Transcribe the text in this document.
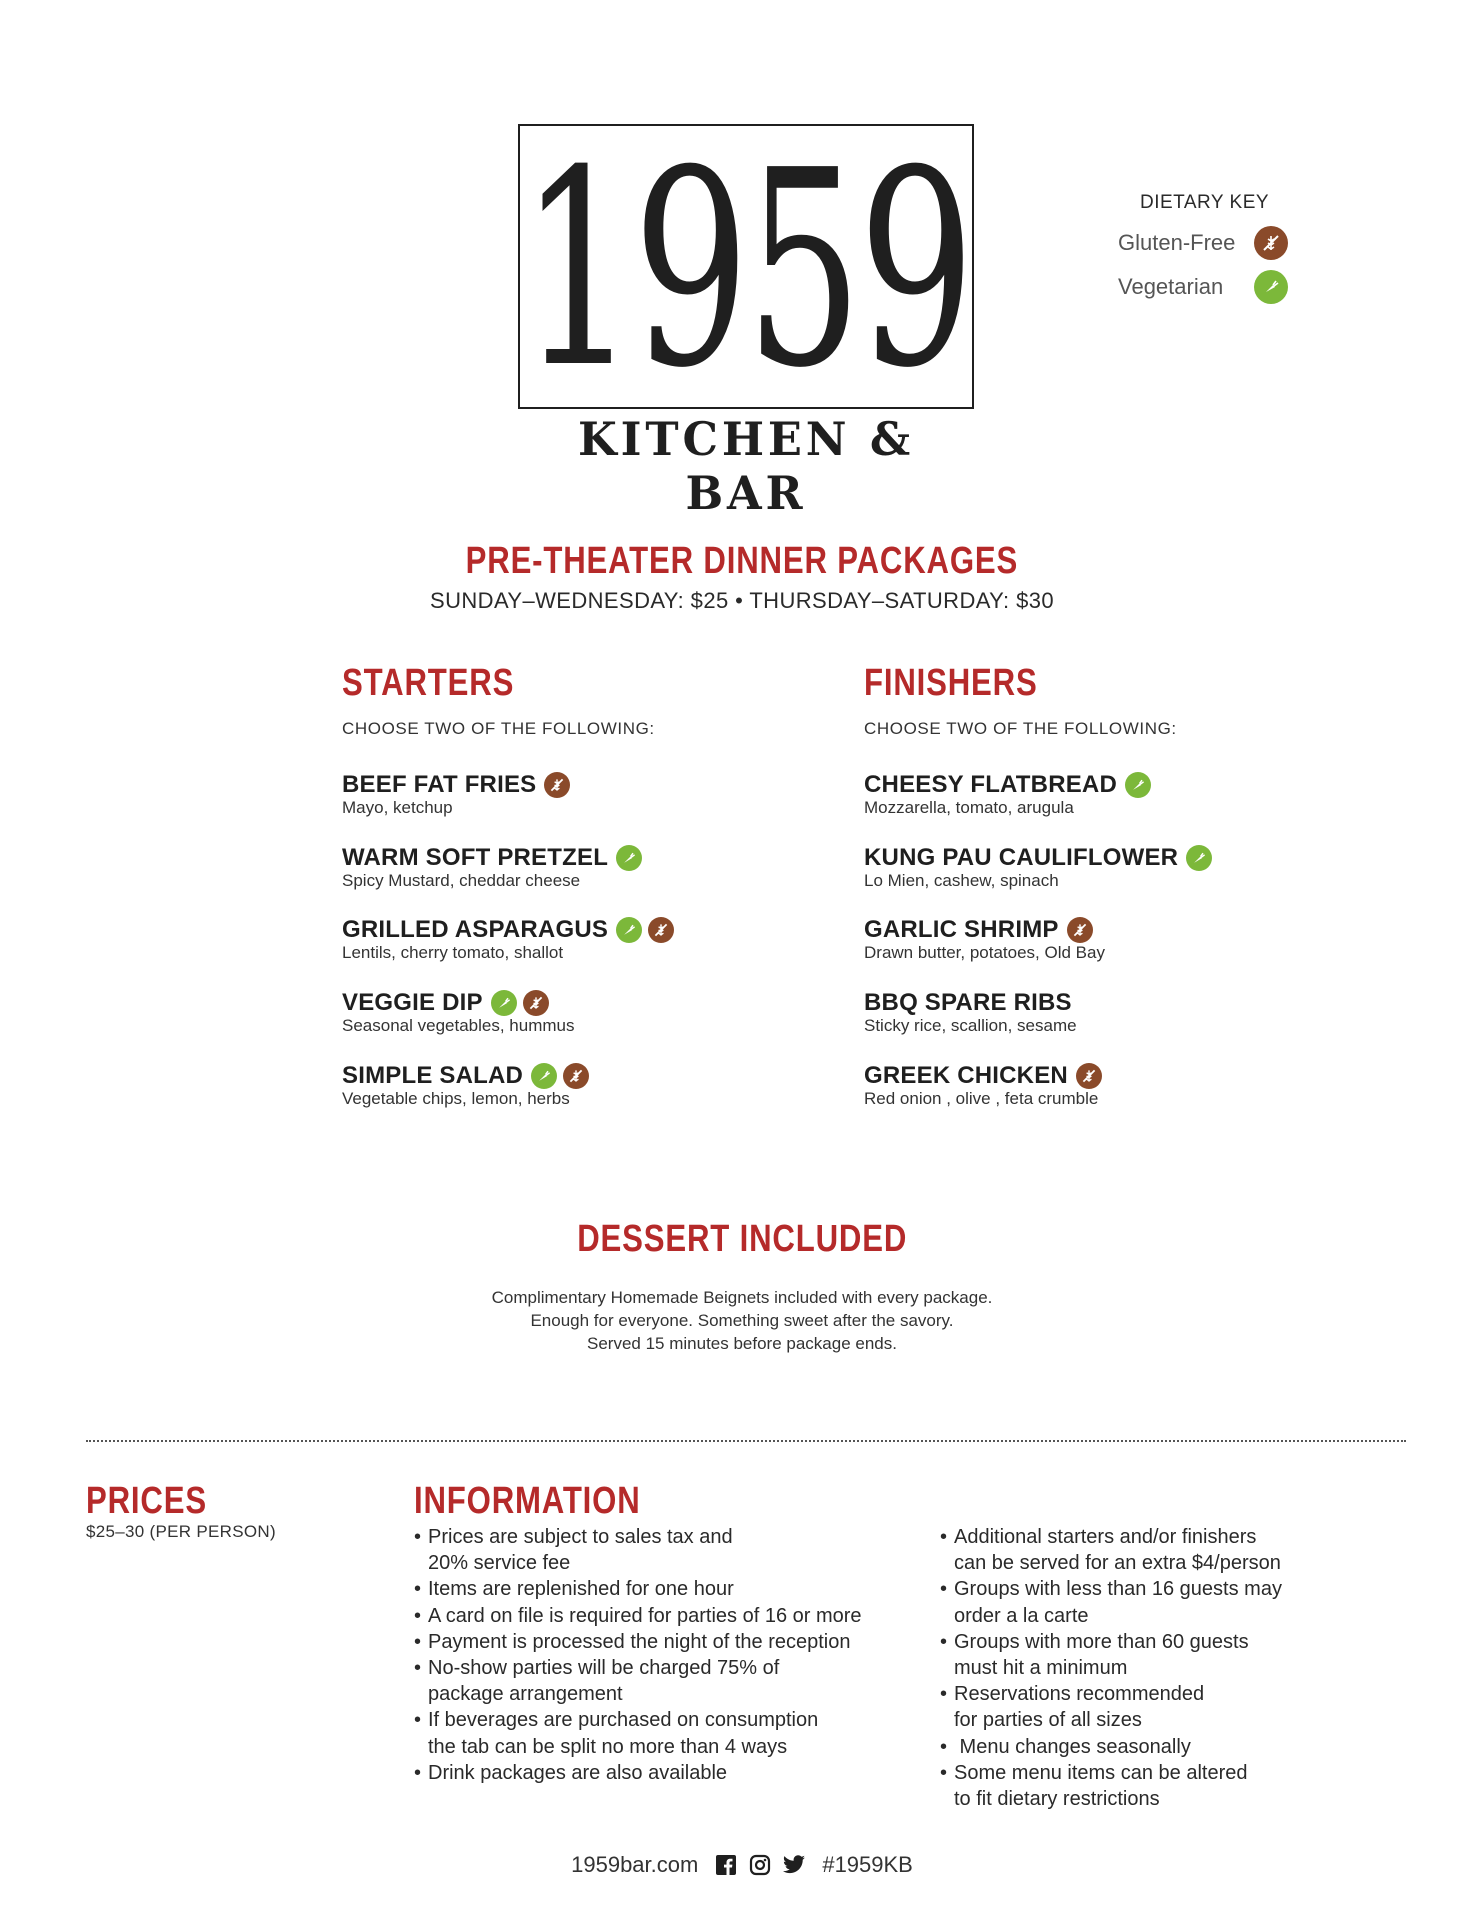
1959
KITCHEN & BAR
DIETARY KEY
Gluten-Free
Vegetarian
PRE-THEATER DINNER PACKAGES
SUNDAY–WEDNESDAY: $25 • THURSDAY–SATURDAY: $30
STARTERS
CHOOSE TWO OF THE FOLLOWING:
BEEF FAT FRIES
Mayo, ketchup
WARM SOFT PRETZEL
Spicy Mustard, cheddar cheese
GRILLED ASPARAGUS
Lentils, cherry tomato, shallot
VEGGIE DIP
Seasonal vegetables, hummus
SIMPLE SALAD
Vegetable chips, lemon, herbs
FINISHERS
CHOOSE TWO OF THE FOLLOWING:
CHEESY FLATBREAD
Mozzarella, tomato, arugula
KUNG PAU CAULIFLOWER
Lo Mien, cashew, spinach
GARLIC SHRIMP
Drawn butter, potatoes, Old Bay
BBQ SPARE RIBS
Sticky rice, scallion, sesame
GREEK CHICKEN
Red onion , olive , feta crumble
DESSERT INCLUDED
Complimentary Homemade Beignets included with every package.
Enough for everyone. Something sweet after the savory.
Served 15 minutes before package ends.
PRICES
$25–30 (PER PERSON)
INFORMATION
• Prices are subject to sales tax and
20% service fee
• Items are replenished for one hour
• A card on file is required for parties of 16 or more
• Payment is processed the night of the reception
• No-show parties will be charged 75% of
package arrangement
• If beverages are purchased on consumption
the tab can be split no more than 4 ways
• Drink packages are also available
• Additional starters and/or finishers
can be served for an extra $4/person
• Groups with less than 16 guests may
order a la carte
• Groups with more than 60 guests
must hit a minimum
• Reservations recommended
for parties of all sizes
•  Menu changes seasonally
• Some menu items can be altered
to fit dietary restrictions
1959bar.com	#1959KB
